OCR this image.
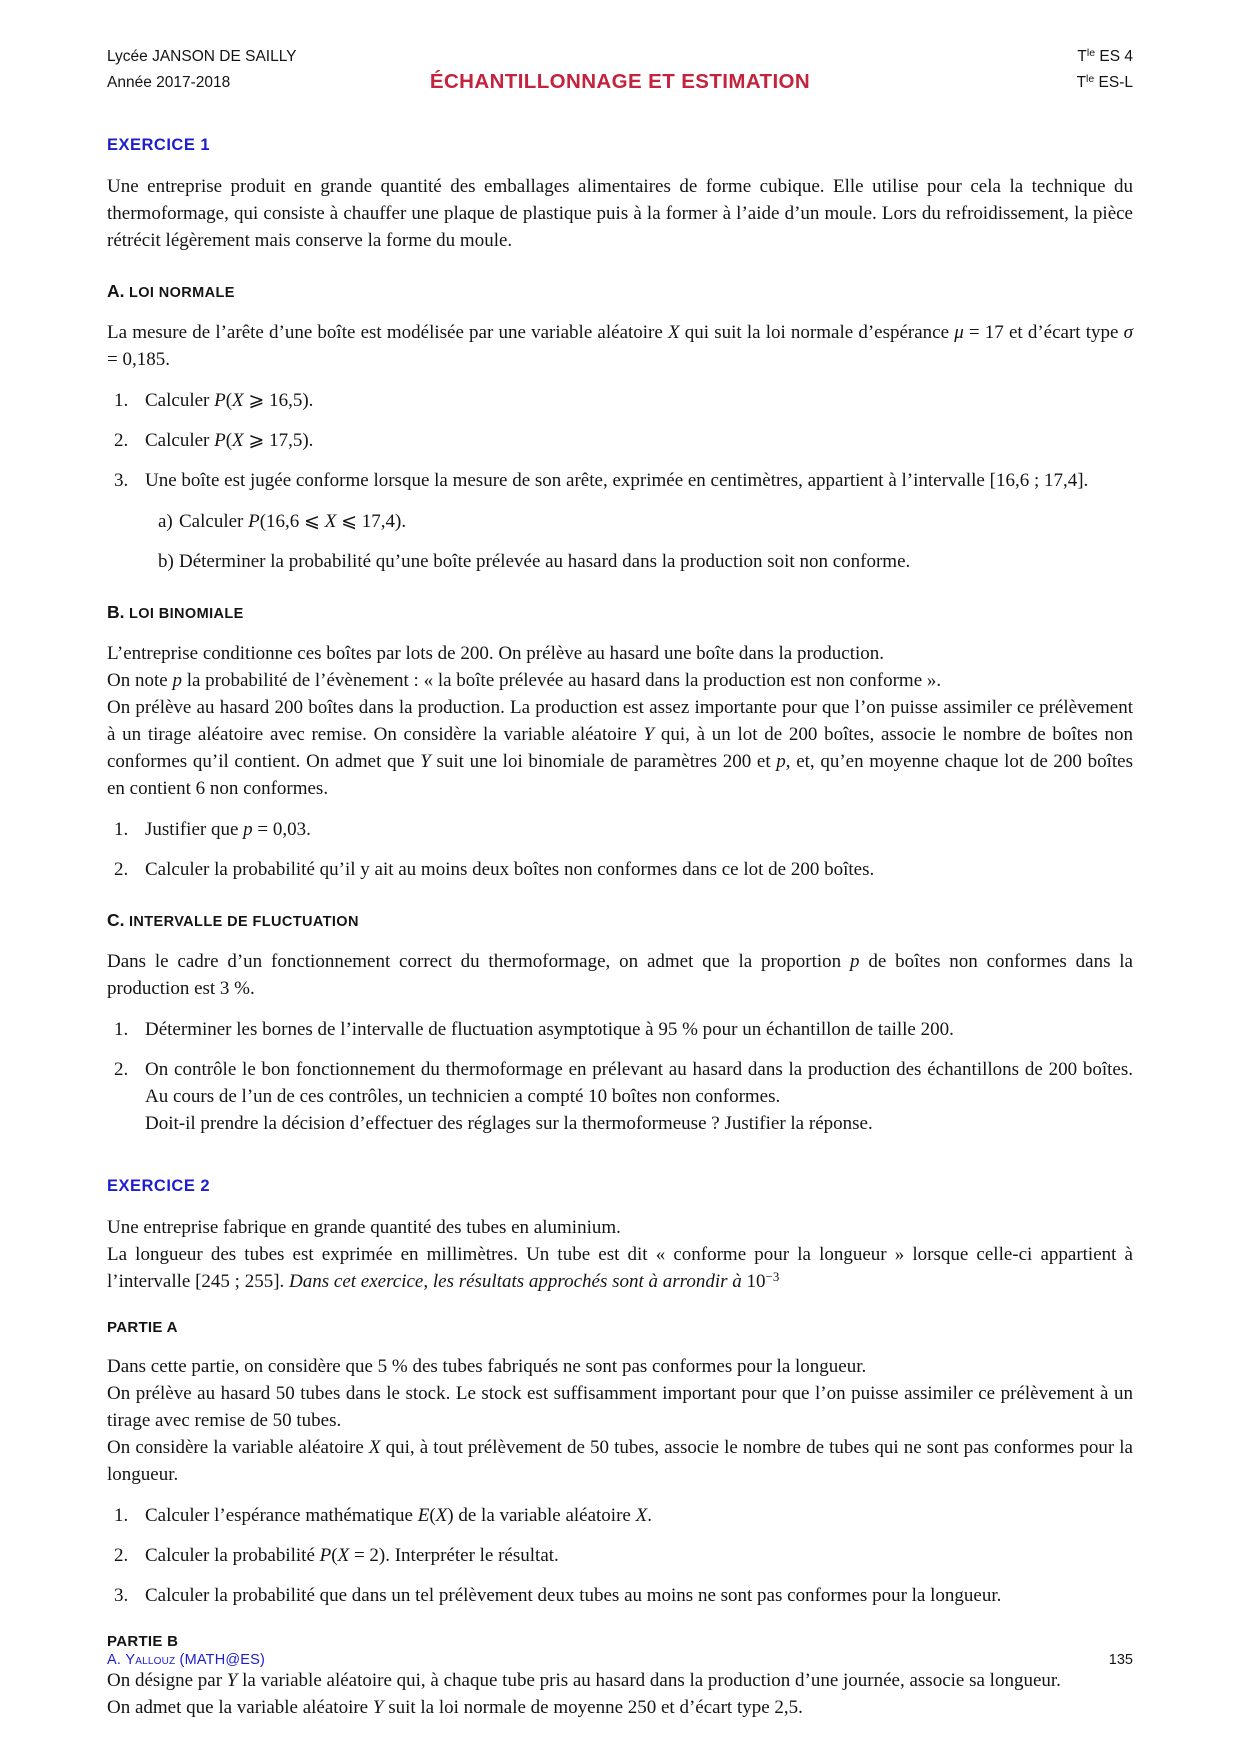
Lycée JANSON DE SAILLY
Année 2017-2018	ÉCHANTILLONNAGE ET ESTIMATION
$T^{le}$ ES 4
$T^{le}$ ES-L
EXERCICE 1
Une entreprise produit en grande quantité des emballages alimentaires de forme cubique. Elle utilise pour cela la technique du thermoformage, qui consiste à chauffer une plaque de plastique puis à la former à l’aide d’un moule. Lors du refroidissement, la pièce rétrécit légèrement mais conserve la forme du moule.
A. LOI NORMALE
La mesure de l’arête d’une boîte est modélisée par une variable aléatoire X qui suit la loi normale d’espérance μ = 17 et d’écart type σ = 0,185.
1. Calculer P(X ⩾ 16,5).
2. Calculer P(X ⩾ 17,5).
3. Une boîte est jugée conforme lorsque la mesure de son arête, exprimée en centimètres, appartient à l’intervalle [16,6 ; 17,4].
a) Calculer P(16,6 ⩽ X ⩽ 17,4).
b) Déterminer la probabilité qu’une boîte prélevée au hasard dans la production soit non conforme.
B. LOI BINOMIALE
L’entreprise conditionne ces boîtes par lots de 200. On prélève au hasard une boîte dans la production.
On note p la probabilité de l’évènement : « la boîte prélevée au hasard dans la production est non conforme ».
On prélève au hasard 200 boîtes dans la production. La production est assez importante pour que l’on puisse assimiler ce prélèvement à un tirage aléatoire avec remise. On considère la variable aléatoire Y qui, à un lot de 200 boîtes, associe le nombre de boîtes non conformes qu’il contient. On admet que Y suit une loi binomiale de paramètres 200 et p, et, qu’en moyenne chaque lot de 200 boîtes en contient 6 non conformes.
1. Justifier que p = 0,03.
2. Calculer la probabilité qu’il y ait au moins deux boîtes non conformes dans ce lot de 200 boîtes.
C. INTERVALLE DE FLUCTUATION
Dans le cadre d’un fonctionnement correct du thermoformage, on admet que la proportion p de boîtes non conformes dans la production est 3 %.
1. Déterminer les bornes de l’intervalle de fluctuation asymptotique à 95 % pour un échantillon de taille 200.
2. On contrôle le bon fonctionnement du thermoformage en prélevant au hasard dans la production des échantillons de 200 boîtes. Au cours de l’un de ces contrôles, un technicien a compté 10 boîtes non conformes.
Doit-il prendre la décision d’effectuer des réglages sur la thermoformeuse ? Justifier la réponse.
EXERCICE 2
Une entreprise fabrique en grande quantité des tubes en aluminium.
La longueur des tubes est exprimée en millimètres. Un tube est dit « conforme pour la longueur » lorsque celle-ci appartient à l’intervalle [245 ; 255]. Dans cet exercice, les résultats approchés sont à arrondir à $10^{-3}$
PARTIE A
Dans cette partie, on considère que 5 % des tubes fabriqués ne sont pas conformes pour la longueur.
On prélève au hasard 50 tubes dans le stock. Le stock est suffisamment important pour que l’on puisse assimiler ce prélèvement à un tirage avec remise de 50 tubes.
On considère la variable aléatoire X qui, à tout prélèvement de 50 tubes, associe le nombre de tubes qui ne sont pas conformes pour la longueur.
1. Calculer l’espérance mathématique E(X) de la variable aléatoire X.
2. Calculer la probabilité P(X = 2). Interpréter le résultat.
3. Calculer la probabilité que dans un tel prélèvement deux tubes au moins ne sont pas conformes pour la longueur.
PARTIE B
On désigne par Y la variable aléatoire qui, à chaque tube pris au hasard dans la production d’une journée, associe sa longueur.
On admet que la variable aléatoire Y suit la loi normale de moyenne 250 et d’écart type 2,5.
A. Yallouz (MATH@ES)	135
